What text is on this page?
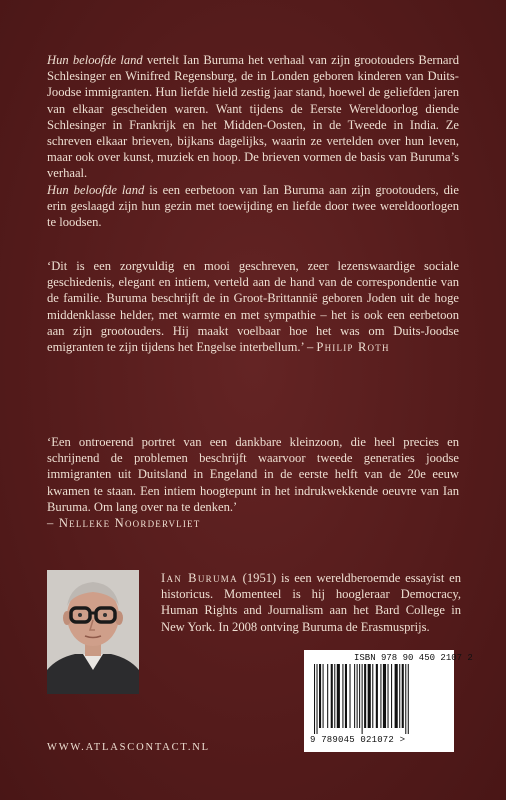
Hun beloofde land vertelt Ian Buruma het verhaal van zijn grootouders Bernard Schlesinger en Winifred Regensburg, de in Londen geboren kinderen van Duits-Joodse immigranten. Hun liefde hield zestig jaar stand, hoewel de geliefden jaren van elkaar gescheiden waren. Want tijdens de Eerste Wereldoorlog diende Schlesinger in Frankrijk en het Midden-Oosten, in de Tweede in India. Ze schreven elkaar brieven, bijkans dagelijks, waarin ze vertelden over hun leven, maar ook over kunst, muziek en hoop. De brieven vormen de basis van Buruma’s verhaal.

Hun beloofde land is een eerbetoon van Ian Buruma aan zijn grootouders, die erin geslaagd zijn hun gezin met toewijding en liefde door twee wereldoorlogen te loodsen.

‘Dit is een zorgvuldig en mooi geschreven, zeer lezenswaardige sociale geschiedenis, elegant en intiem, verteld aan de hand van de correspondentie van de familie. Buruma beschrijft de in Groot-Brittannië geboren Joden uit de hoge middenklasse helder, met warmte en met sympathie – het is ook een eerbetoon aan zijn grootouders. Hij maakt voelbaar hoe het was om Duits-Joodse emigranten te zijn tijdens het Engelse interbellum.’ – Philip Roth

‘Een ontroerend portret van een dankbare kleinzoon, die heel precies en schrijnend de problemen beschrijft waarvoor tweede generaties joodse immigranten uit Duitsland in Engeland in de eerste helft van de 20e eeuw kwamen te staan. Een intiem hoogtepunt in het indrukwekkende oeuvre van Ian Buruma. Om lang over na te denken.’

– Nelleke Noordervliet

Ian Buruma (1951) is een wereldberoemde essayist en historicus. Momenteel is hij hoogleraar Democracy, Human Rights and Journalism aan het Bard College in New York. In 2008 ontving Buruma de Erasmusprijs.
ISBN 978 90 450 2107 2
9 789045 021072 >
WWW.ATLASCONTACT.NL
